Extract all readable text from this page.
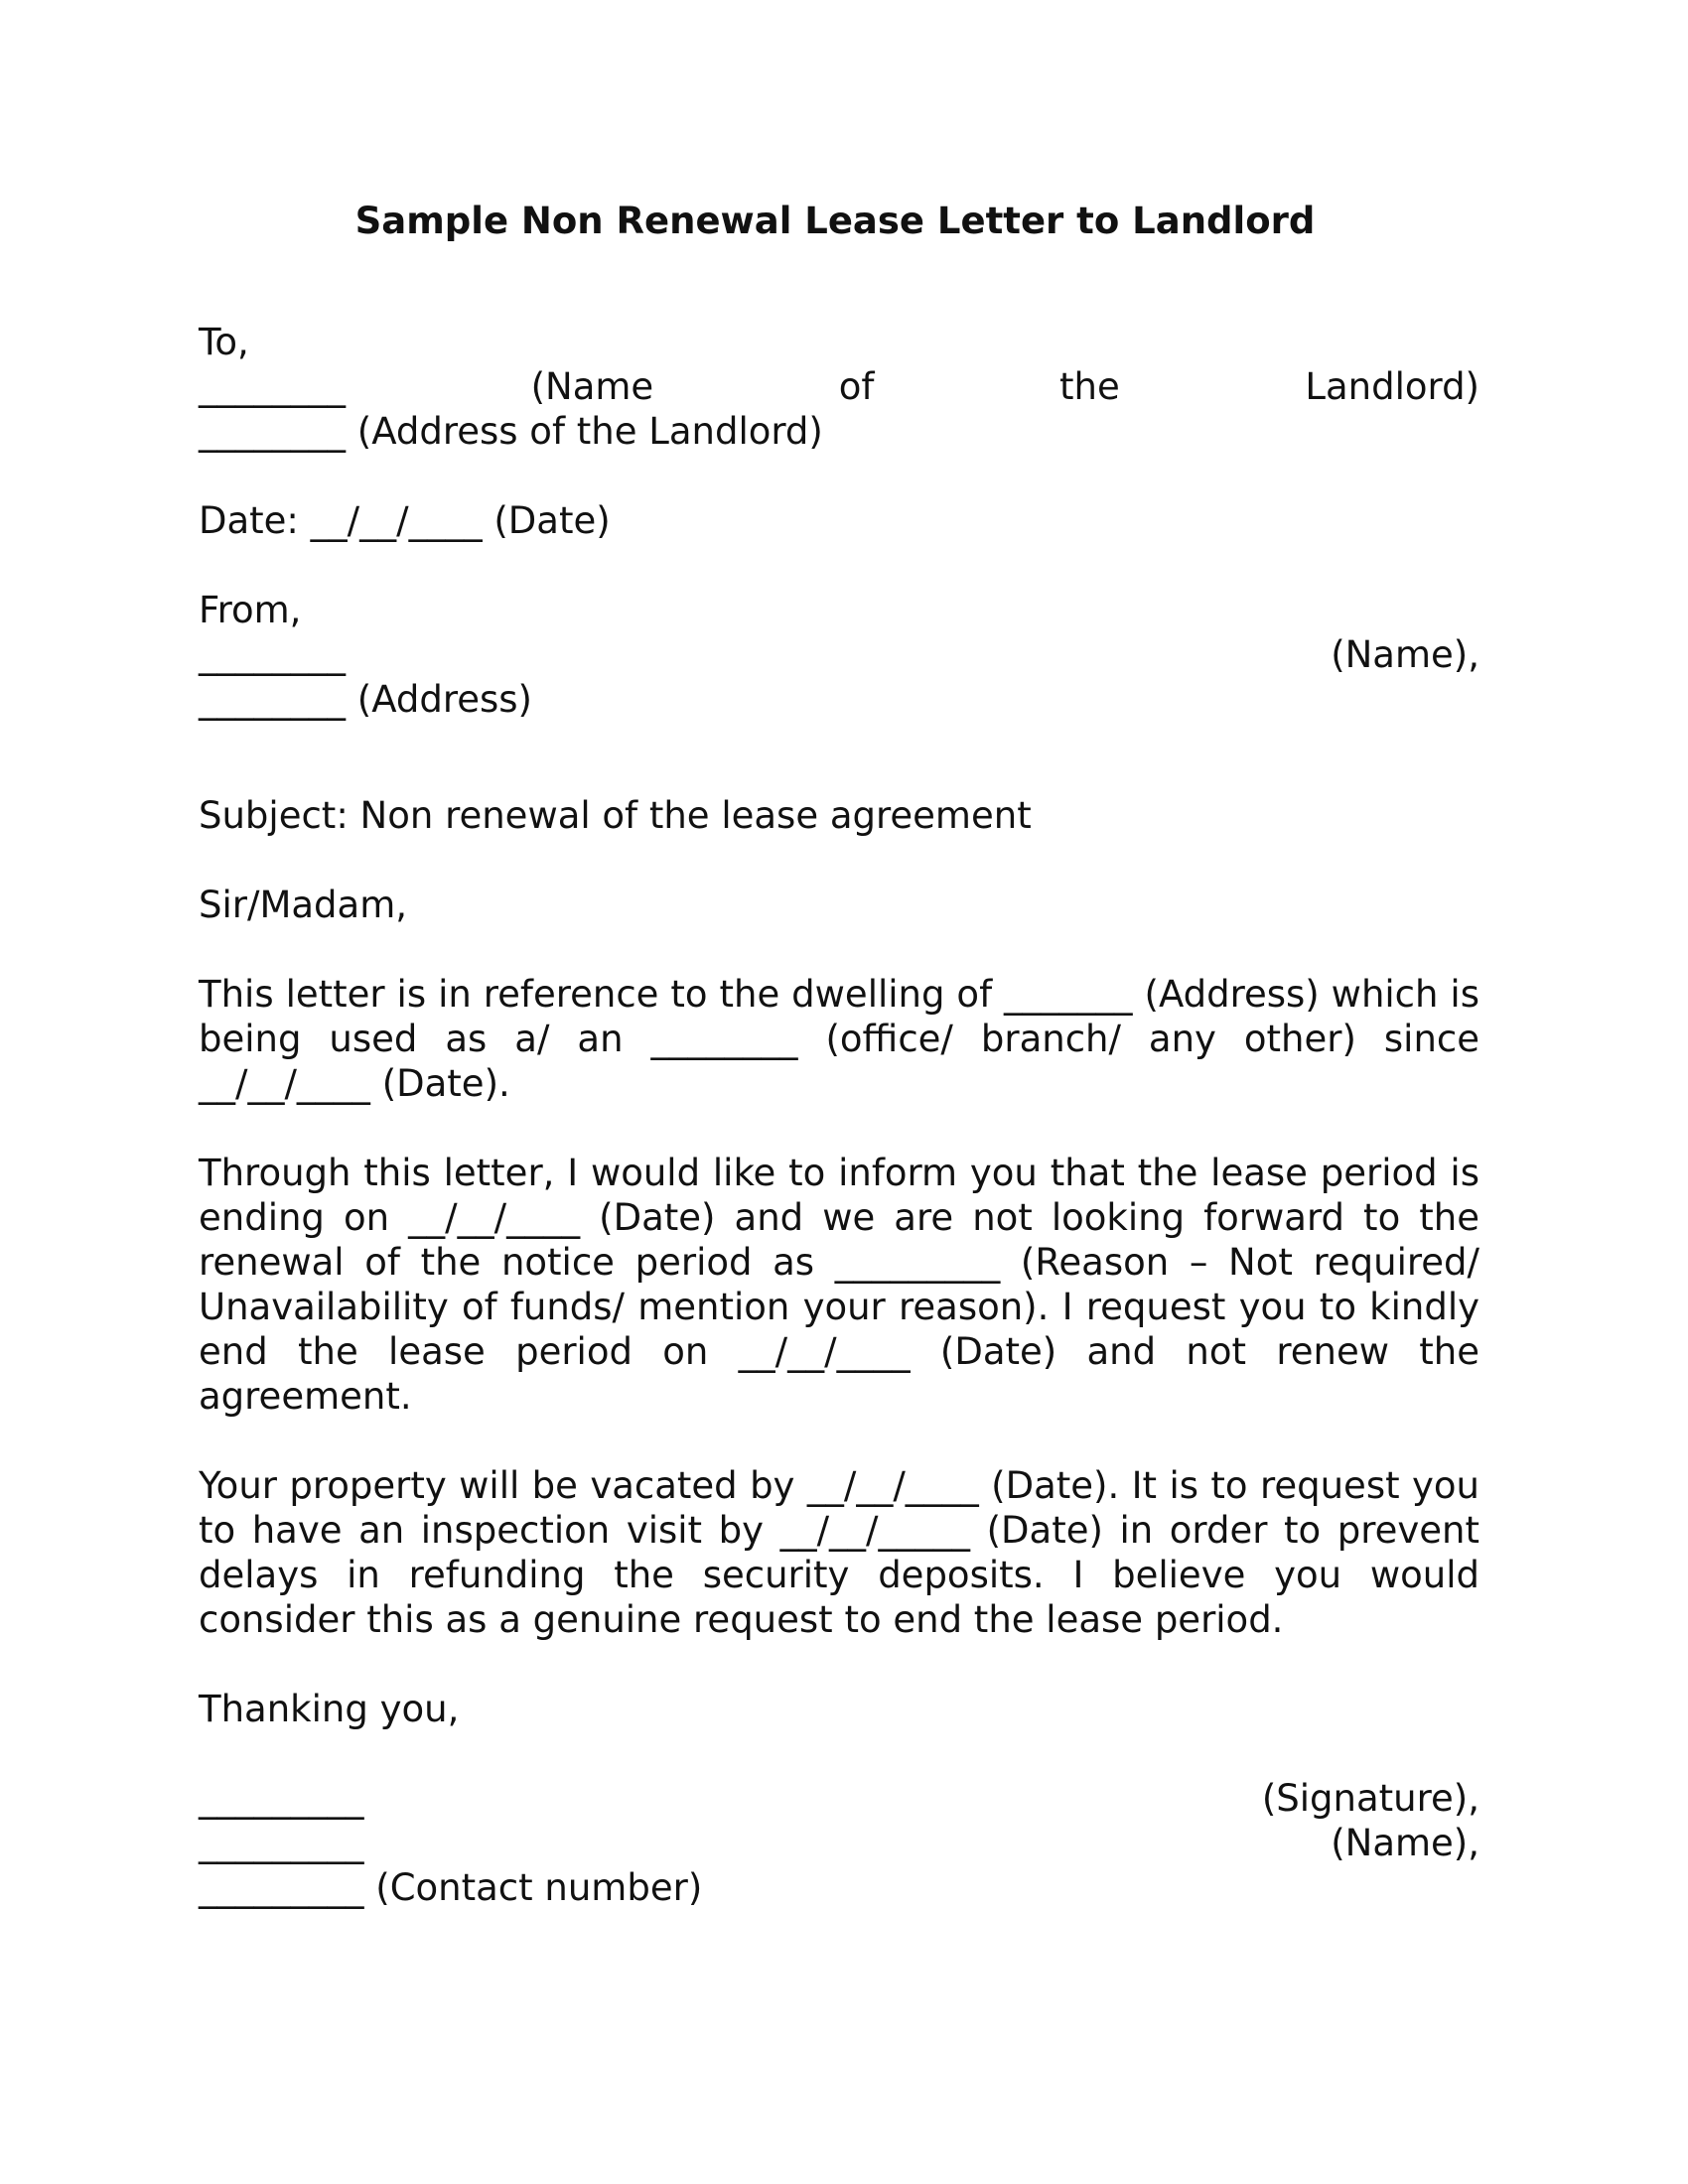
Sample Non Renewal Lease Letter to Landlord
To,
________ (Name of the Landlord)
________ (Address of the Landlord)
Date: __/__/____ (Date)
From,
________ (Name),
________ (Address)
Subject: Non renewal of the lease agreement
Sir/Madam,
This letter is in reference to the dwelling of _______ (Address) which is being used as a/ an ________ (office/ branch/ any other) since __/__/____ (Date).
Through this letter, I would like to inform you that the lease period is ending on __/__/____ (Date) and we are not looking forward to the renewal of the notice period as _________ (Reason – Not required/ Unavailability of funds/ mention your reason). I request you to kindly end the lease period on __/__/____ (Date) and not renew the agreement.
Your property will be vacated by __/__/____ (Date). It is to request you to have an inspection visit by __/__/_____ (Date) in order to prevent delays in refunding the security deposits. I believe you would consider this as a genuine request to end the lease period.
Thanking you,
_________
_________
_________ (Contact number)
(Signature),
(Name),
